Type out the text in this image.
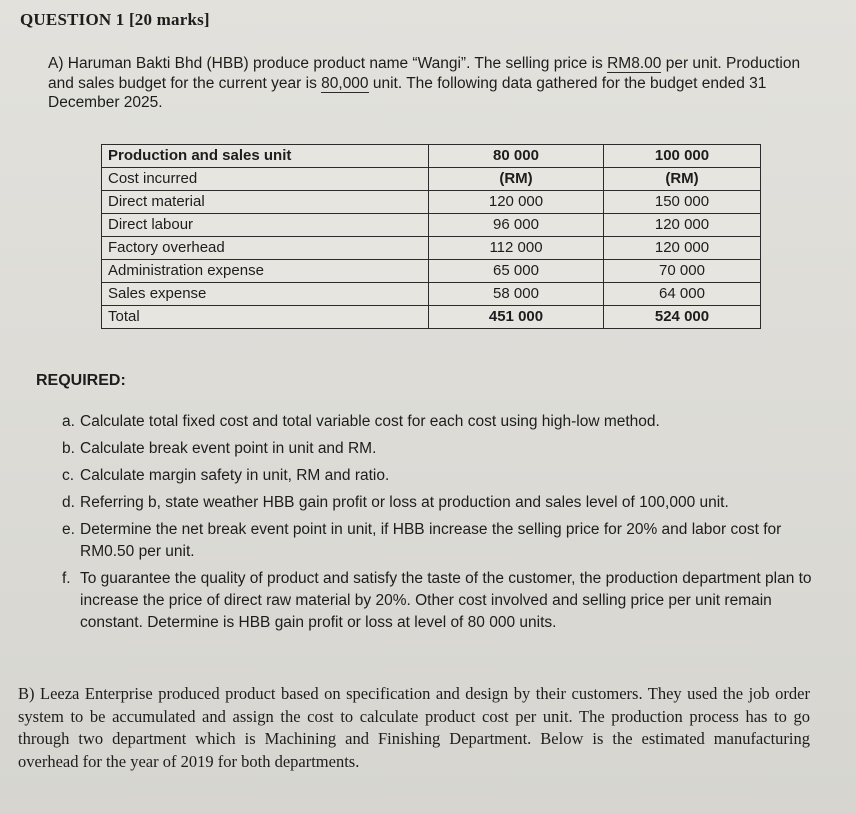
QUESTION 1 [20 marks]
A) Haruman Bakti Bhd (HBB) produce product name “Wangi”. The selling price is RM8.00 per unit. Production and sales budget for the current year is 80,000 unit. The following data gathered for the budget ended 31 December 2025.
Production and sales unit	80 000	100 000
Cost incurred	(RM)	(RM)
Direct material	120 000	150 000
Direct labour	96 000	120 000
Factory overhead	112 000	120 000
Administration expense	65 000	70 000
Sales expense	58 000	64 000
Total	451 000	524 000
REQUIRED:
a. Calculate total fixed cost and total variable cost for each cost using high-low method.
b. Calculate break event point in unit and RM.
c. Calculate margin safety in unit, RM and ratio.
d. Referring b, state weather HBB gain profit or loss at production and sales level of 100,000 unit.
e. Determine the net break event point in unit, if HBB increase the selling price for 20% and labor cost for RM0.50 per unit.
f. To guarantee the quality of product and satisfy the taste of the customer, the production department plan to increase the price of direct raw material by 20%. Other cost involved and selling price per unit remain constant. Determine is HBB gain profit or loss at level of 80 000 units.
B) Leeza Enterprise produced product based on specification and design by their customers. They used the job order system to be accumulated and assign the cost to calculate product cost per unit. The production process has to go through two department which is Machining and Finishing Department. Below is the estimated manufacturing overhead for the year of 2019 for both departments.
